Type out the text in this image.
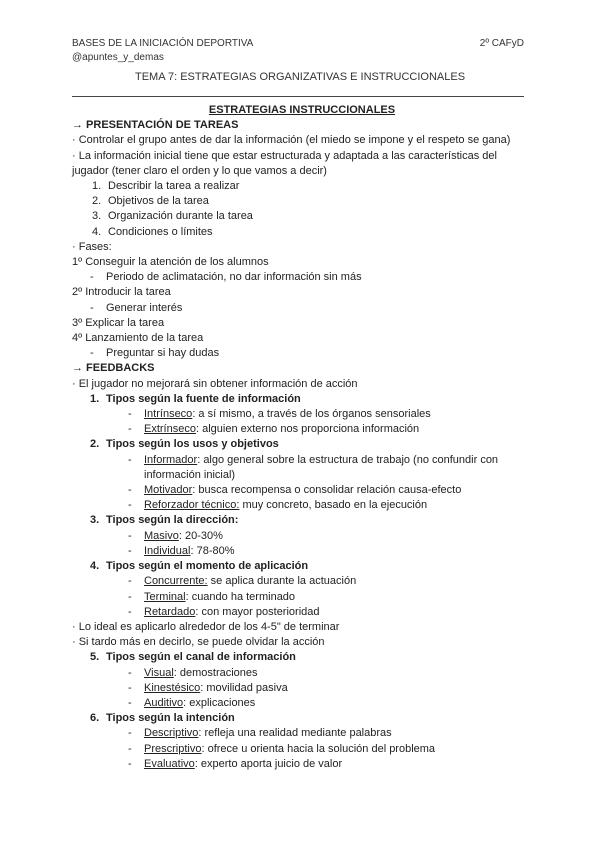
BASES DE LA INICIACIÓN DEPORTIVA
@apuntes_y_demas
2º CAFyD
TEMA 7: ESTRATEGIAS ORGANIZATIVAS E INSTRUCCIONALES
ESTRATEGIAS INSTRUCCIONALES
→ PRESENTACIÓN DE TAREAS
· Controlar el grupo antes de dar la información (el miedo se impone y el respeto se gana)
· La información inicial tiene que estar estructurada y adaptada a las características del jugador (tener claro el orden y lo que vamos a decir)
1. Describir la tarea a realizar
2. Objetivos de la tarea
3. Organización durante la tarea
4. Condiciones o límites
· Fases:
1º Conseguir la atención de los alumnos
- Periodo de aclimatación, no dar información sin más
2º Introducir la tarea
- Generar interés
3º Explicar la tarea
4º Lanzamiento de la tarea
- Preguntar si hay dudas
→ FEEDBACKS
· El jugador no mejorará sin obtener información de acción
1. Tipos según la fuente de información
- Intrínseco: a sí mismo, a través de los órganos sensoriales
- Extrínseco: alguien externo nos proporciona información
2. Tipos según los usos y objetivos
- Informador: algo general sobre la estructura de trabajo (no confundir con
información inicial)
- Motivador: busca recompensa o consolidar relación causa-efecto
- Reforzador técnico: muy concreto, basado en la ejecución
3. Tipos según la dirección:
- Masivo: 20-30%
- Individual: 78-80%
4. Tipos según el momento de aplicación
- Concurrente: se aplica durante la actuación
- Terminal: cuando ha terminado
- Retardado: con mayor posterioridad
· Lo ideal es aplicarlo alrededor de los 4-5" de terminar
· Si tardo más en decirlo, se puede olvidar la acción
5. Tipos según el canal de información
- Visual: demostraciones
- Kinestésico: movilidad pasiva
- Auditivo: explicaciones
6. Tipos según la intención
- Descriptivo: refleja una realidad mediante palabras
- Prescriptivo: ofrece u orienta hacia la solución del problema
- Evaluativo: experto aporta juicio de valor
